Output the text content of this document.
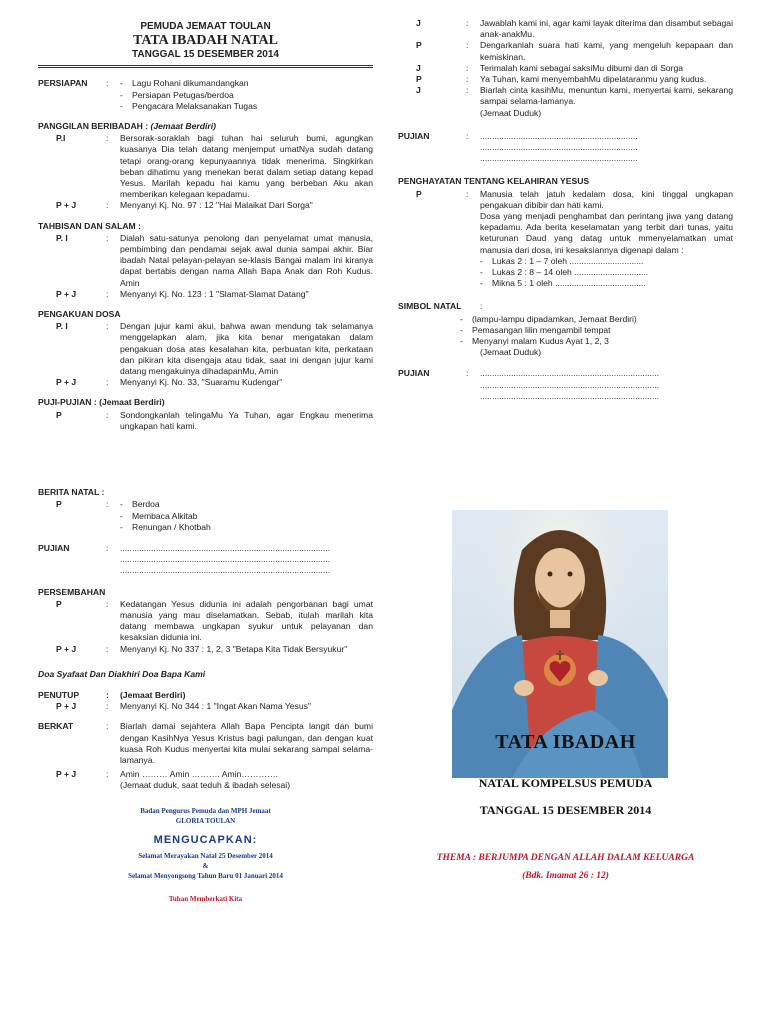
PEMUDA JEMAAT TOULAN
TATA IBADAH NATAL
TANGGAL 15 DESEMBER 2014
PERSIAPAN	:	-	Lagu Rohani dikumandangkan
-	Persiapan Petugas/berdoa
-	Pengacara Melaksanakan Tugas
PANGGILAN BERIBADAH : (Jemaat Berdiri)
P.I	:	Bersorak-soraklah bagi tuhan hai seluruh bumi, agungkan kuasanya Dia telah datang menjemput umatNya sudah datang tetapi orang-orang kepunyaannya tidak menerima. Singkirkan beban dihatimu yang menekan berat dalam setiap datang kepad Yesus. Marilah kepadu hai kamu yang berbeban Aku akan memberikan kelegaan kepadamu.
P + J	:	Menyanyi Kj. No. 97 : 12 "Hai Malaikat Dari Sorga"
TAHBISAN DAN SALAM :
P. I	:	Dialah satu-satunya penolong dan penyelamat umat manusia, pembimbing dan pendamai sejak awal dunia sampai akhir. Biar ibadah Natal pelayan-pelayan se-klasis Bangai malam ini kiranya dapat bertabis dengan nama Allah Bapa Anak dan Roh Kudus. Amin
P + J	:	Menyanyi Kj. No. 123 : 1 "Slamat-Slamat Datang"
PENGAKUAN DOSA
P. I	:	Dengan jujur kami akui, bahwa awan mendung tak selamanya menggelapkan alam, jika kita benar mengatakan dalam pengakuan dosa atas kesalahan kita, perbuatan kita, perkataan dan pikiran kita disengaja atau tidak, saat ini dengan jujur kami datang mengakuinya dihadapanMu, Amin
P + J	:	Menyanyi Kj. No. 33, "Suaramu Kudengar"
PUJI-PUJIAN : (Jemaat Berdiri)
P	:	Sondongkanlah telingaMu Ya Tuhan, agar Engkau menerima ungkapan hati kami.
BERITA NATAL :
P	:	-	Berdoa
-	Membaca Alkitab
-	Renungan / Khotbah
PUJIAN	:	........................................................................................
........................................................................................
........................................................................................
PERSEMBAHAN
P	:	Kedatangan Yesus didunia ini adalah pengorbanan bagi umat manusia yang mau diselamatkan. Sebab, itulah marilah kita datang membawa ungkapan syukur untuk pelayanan dan kesaksian didunia ini.
P + J	:	Menyanyi Kj. No 337 : 1, 2, 3 "Betapa Kita Tidak Bersyukur"
Doa Syafaat Dan Diakhiri Doa Bapa Kami
PENUTUP	:	(Jemaat Berdiri)
P + J	:	Menyanyi Kj. No 344 : 1 "Ingat Akan Nama Yesus"
BERKAT	:	Biarlah damai sejahtera Allah Bapa Pencipta langit dan bumi dengan KasihNya Yesus Kristus bagi palungan, dan dengan kuat kuasa Roh Kudus menyertai kita mulai sekarang sampai selama-lamanya.
P + J	:	Amin ……… Amin ………. Amin………….
(Jemaat duduk, saat teduh & ibadah selesai)
Badan Pengurus Pemuda dan MPH Jemaat
GLORIA TOULAN
MENGUCAPKAN:
Selamat Merayakan Natal 25 Desember 2014
&
Selamat Menyongsong Tahun Baru 01 Januari 2014
Tuhan Memberkati Kita
J	:	Jawablah kami ini, agar kami layak diterima dan disambut sebagai anak-anakMu.
P	:	Dengarkanlah suara hati kami, yang mengeluh kepapaan dan kemiskinan.
J	:	Terimalah kami sebagai saksiMu dibumi dan di Sorga
P	:	Ya Tuhan, kami menyembahMu dipelataranmu yang kudus.
J	:	Biarlah cinta kasihMu, menuntun kami, menyertai kami, sekarang sampai selama-lamanya.
(Jemaat Duduk)
PUJIAN	:	..................................................................
..................................................................
..................................................................
PENGHAYATAN TENTANG KELAHIRAN YESUS
P	:	Manusia telah jatuh kedalam dosa, kini tinggal ungkapan pengakuan dibibir dan hati kami.
Dosa yang menjadi penghambat dan perintang jiwa yang datang kepadamu. Ada berita keselamatan yang terbit dari tunas, yaitu keturunan Daud yang datag untuk mmenyelamatkan umat manusia dari dosa, ini kesaksiannya digenapi dalam :
-	Lukas 2 : 1 – 7 oleh ...............................
-	Lukas 2 : 8 – 14 oleh ...............................
-	Mikna 5 : 1 oleh ......................................
SIMBOL NATAL	:
-	(lampu-lampu dipadamkan, Jemaat Berdiri)
-	Pemasangan lilin mengambil tempat
-	Menyanyi malam Kudus Ayat 1, 2, 3
(Jemaat Duduk)
PUJIAN	:	...........................................................................
...........................................................................
...........................................................................
TATA IBADAH
NATAL KOMPELSUS PEMUDA
TANGGAL 15 DESEMBER 2014
THEMA : BERJUMPA DENGAN ALLAH DALAM KELUARGA
(Bdk. Imamat 26 : 12)
